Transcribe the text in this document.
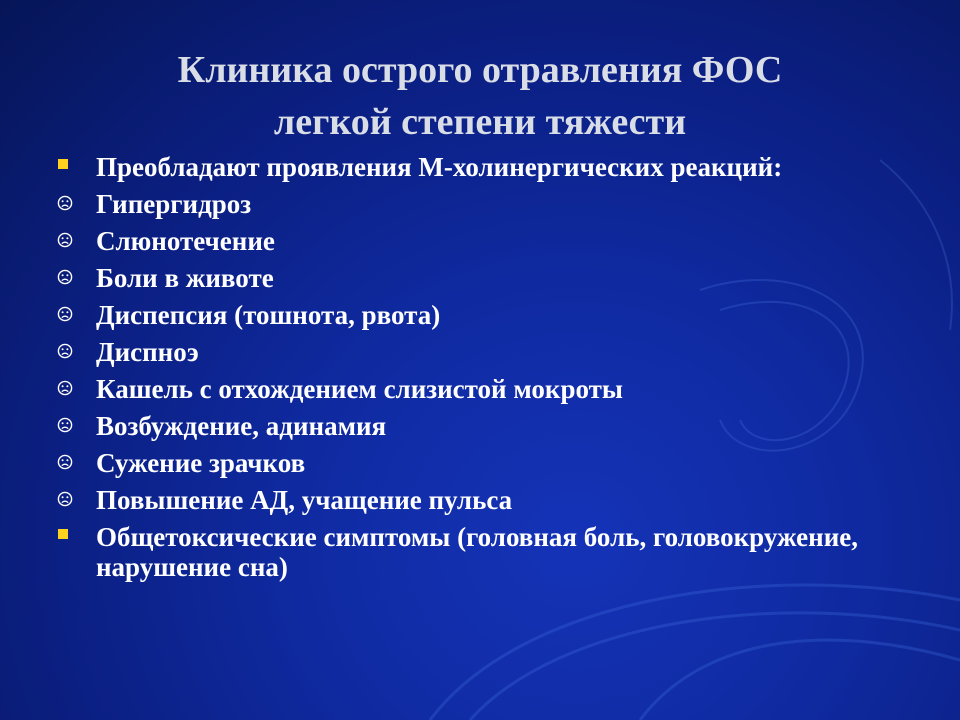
Клиника острого отравления ФОС
легкой степени тяжести
Преобладают проявления М-холинергических реакций:
Гипергидроз
Слюнотечение
Боли в животе
Диспепсия (тошнота, рвота)
Диспноэ
Кашель с отхождением слизистой мокроты
Возбуждение, адинамия
Сужение зрачков
Повышение АД, учащение пульса
Общетоксические симптомы (головная боль, головокружение, нарушение сна)
